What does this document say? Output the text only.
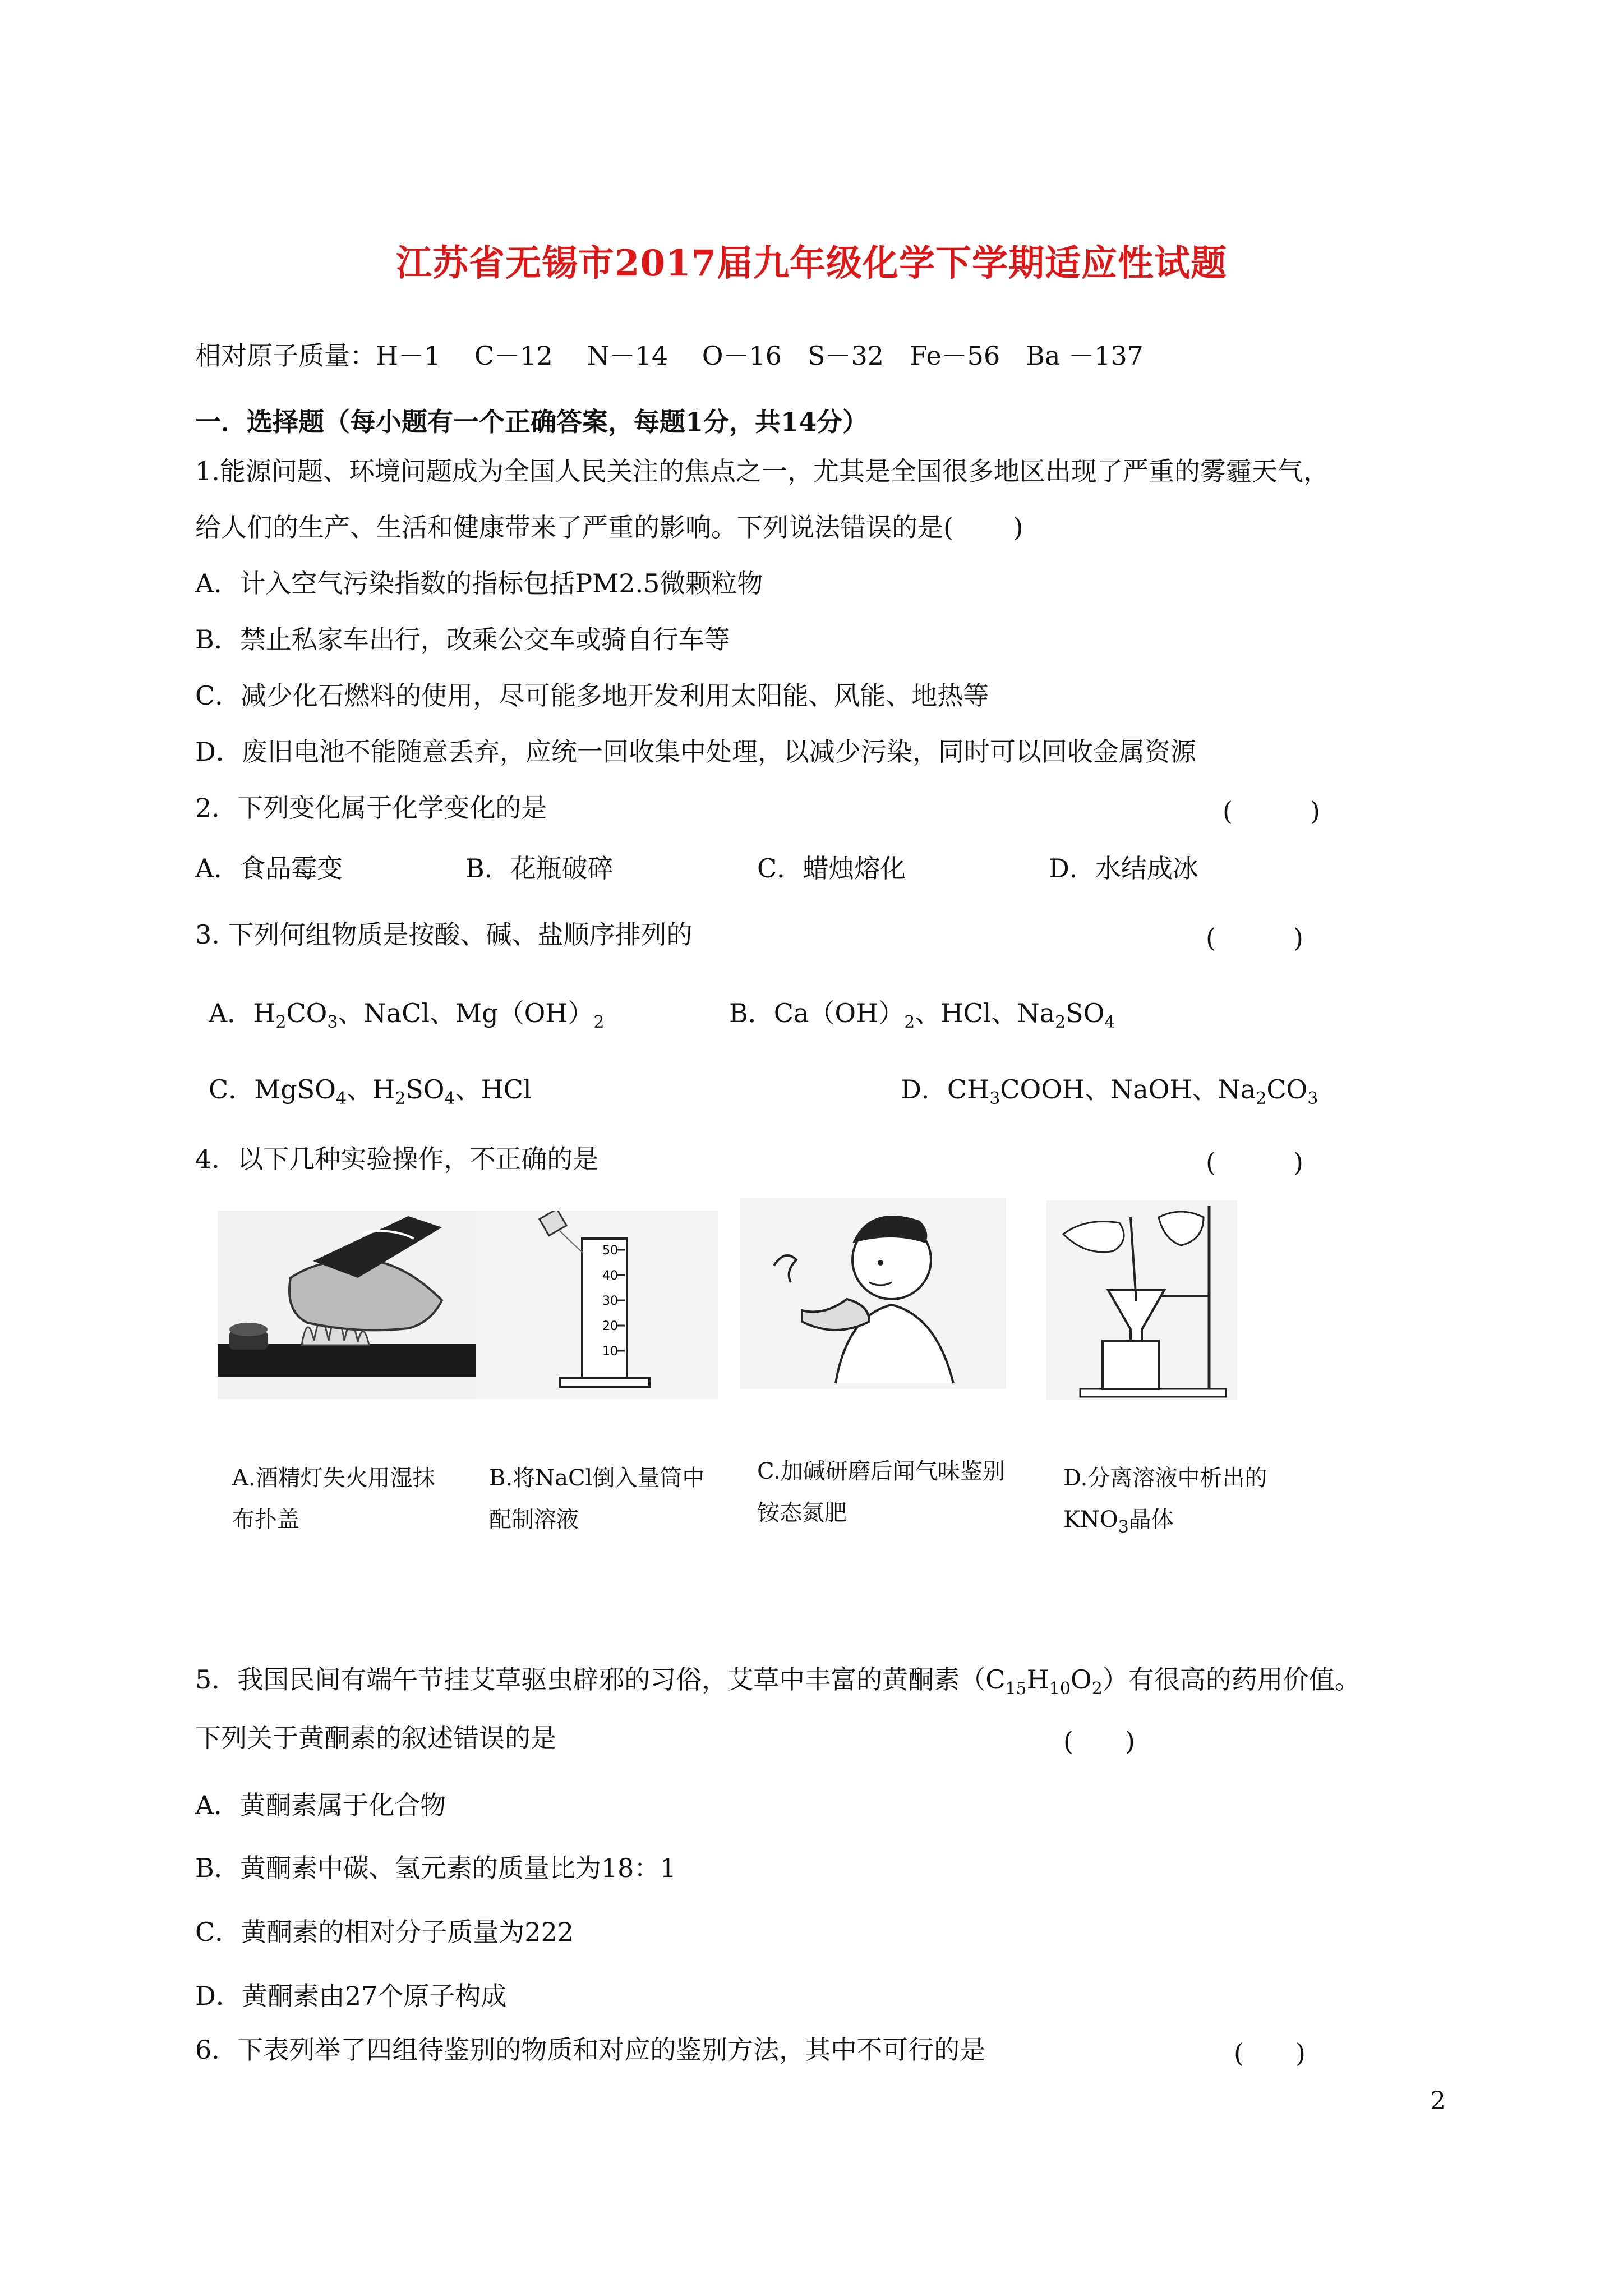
江苏省无锡市2017届九年级化学下学期适应性试题
相对原子质量：H－1　 C－12　 N－14　 O－16　S－32　Fe－56　Ba －137
一．选择题（每小题有一个正确答案，每题1分，共14分）
1.能源问题、环境问题成为全国人民关注的焦点之一，尤其是全国很多地区出现了严重的雾霾天气，
给人们的生产、生活和健康带来了严重的影响。下列说法错误的是(　　 )
A．计入空气污染指数的指标包括PM2.5微颗粒物
B．禁止私家车出行，改乘公交车或骑自行车等
C．减少化石燃料的使用，尽可能多地开发利用太阳能、风能、地热等
D．废旧电池不能随意丢弃，应统一回收集中处理，以减少污染，同时可以回收金属资源
2．下列变化属于化学变化的是	(　　　)
A．食品霉变	B．花瓶破碎	C．蜡烛熔化	D．水结成冰
3. 下列何组物质是按酸、碱、盐顺序排列的	(　　　)
A．$H_2CO_3$、NaCl、$Mg(OH)_2$	B．$Ca(OH)_2$、HCl、$Na_2SO_4$
C．MgSO$_4$、$H_2SO_4$、HCl	D．$CH_3COOH$、NaOH、$Na_2CO_3$
4．以下几种实验操作，不正确的是	(　　　)
50
40
30
20
10
A.酒精灯失火用湿抹布扑盖
B.将NaCl倒入量筒中配制溶液
C.加碱研磨后闻气味鉴别铵态氮肥
D.分离溶液中析出的$KNO_3$晶体
5．我国民间有端午节挂艾草驱虫辟邪的习俗，艾草中丰富的黄酮素$(C_{15}H_{10}O_2)$有很高的药用价值。
下列关于黄酮素的叙述错误的是	(　　)
A．黄酮素属于化合物
B．黄酮素中碳、氢元素的质量比为18：1
C．黄酮素的相对分子质量为222
D．黄酮素由27个原子构成
6．下表列举了四组待鉴别的物质和对应的鉴别方法，其中不可行的是	(　　)
2
